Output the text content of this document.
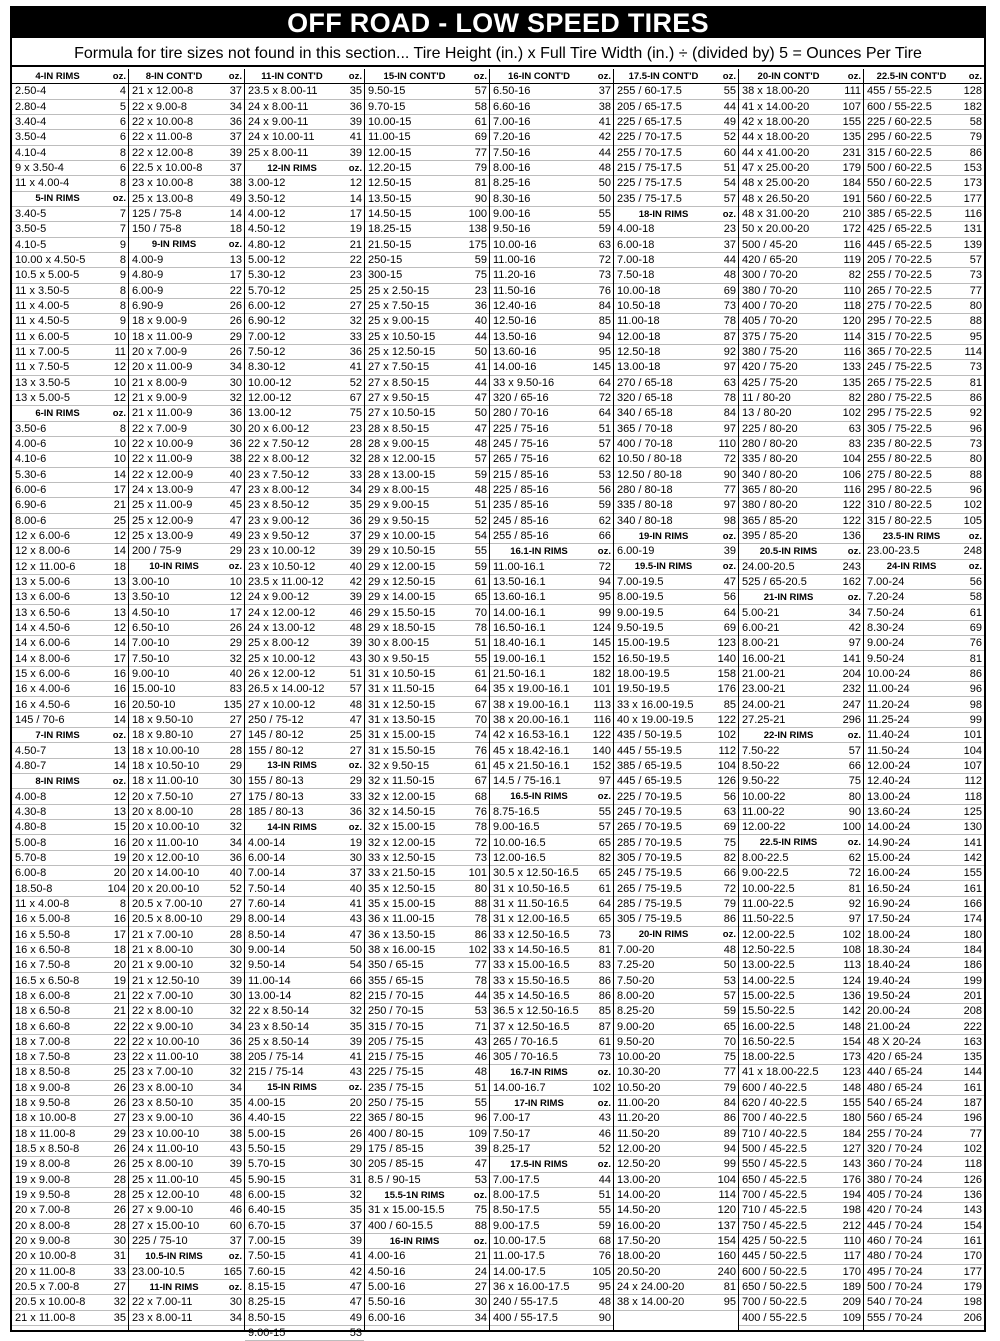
OFF ROAD - LOW SPEED TIRES
Formula for tire sizes not found in this section... Tire Height (in.) x Full Tire Width (in.) ÷ (divided by) 5 = Ounces Per Tire
4-IN RIMS	oz.
2.50-4	4
2.80-4	5
3.40-4	6
3.50-4	6
4.10-4	8
9 x 3.50-4	6
11 x 4.00-4	8
5-IN RIMS	oz.
3.40-5	7
3.50-5	7
4.10-5	9
10.00 x 4.50-5	8
10.5 x 5.00-5	9
11 x 3.50-5	8
11 x 4.00-5	8
11 x 4.50-5	9
11 x 6.00-5	10
11 x 7.00-5	11
11 x 7.50-5	12
13 x 3.50-5	10
13 x 5.00-5	12
6-IN RIMS	oz.
3.50-6	8
4.00-6	10
4.10-6	10
5.30-6	14
6.00-6	17
6.90-6	21
8.00-6	25
12 x 6.00-6	12
12 x 8.00-6	14
12 x 11.00-6	18
13 x 5.00-6	13
13 x 6.00-6	13
13 x 6.50-6	13
14 x 4.50-6	12
14 x 6.00-6	14
14 x 8.00-6	17
15 x 6.00-6	16
16 x 4.00-6	16
16 x 4.50-6	16
145 / 70-6	14
7-IN RIMS	oz.
4.50-7	13
4.80-7	14
8-IN RIMS	oz.
4.00-8	12
4.30-8	13
4.80-8	15
5.00-8	16
5.70-8	19
6.00-8	20
18.50-8	104
11 x 4.00-8	8
16 x 5.00-8	16
16 x 5.50-8	17
16 x 6.50-8	18
16 x 7.50-8	20
16.5 x 6.50-8	19
18 x 6.00-8	21
18 x 6.50-8	21
18 x 6.60-8	22
18 x 7.00-8	22
18 x 7.50-8	23
18 x 8.50-8	25
18 x 9.00-8	26
18 x 9.50-8	26
18 x 10.00-8	27
18 x 11.00-8	29
18.5 x 8.50-8	26
19 x 8.00-8	26
19 x 9.00-8	28
19 x 9.50-8	28
20 x 7.00-8	26
20 x 8.00-8	28
20 x 9.00-8	30
20 x 10.00-8	31
20 x 11.00-8	33
20.5 x 7.00-8	27
20.5 x 10.00-8	32
21 x 11.00-8	35
8-IN CONT'D	oz.
21 x 12.00-8	37
22 x 9.00-8	34
22 x 10.00-8	36
22 x 11.00-8	37
22 x 12.00-8	39
22.5 x 10.00-8	37
23 x 10.00-8	38
25 x 13.00-8	49
125 / 75-8	14
150 / 75-8	18
9-IN RIMS	oz.
4.00-9	13
4.80-9	17
6.00-9	22
6.90-9	26
18 x 9.00-9	26
18 x 11.00-9	29
20 x 7.00-9	26
20 x 11.00-9	34
21 x 8.00-9	30
21 x 9.00-9	32
21 x 11.00-9	36
22 x 7.00-9	30
22 x 10.00-9	36
22 x 11.00-9	38
22 x 12.00-9	40
24 x 13.00-9	47
25 x 11.00-9	45
25 x 12.00-9	47
25 x 13.00-9	49
200 / 75-9	29
10-IN RIMS	oz.
3.00-10	10
3.50-10	12
4.50-10	17
6.50-10	26
7.00-10	29
7.50-10	32
9.00-10	40
15.00-10	83
20.50-10	135
18 x 9.50-10	27
18 x 9.80-10	27
18 x 10.00-10	28
18 x 10.50-10	29
18 x 11.00-10	30
20 x 7.50-10	27
20 x 8.00-10	28
20 x 10.00-10	32
20 x 11.00-10	34
20 x 12.00-10	36
20 x 14.00-10	40
20 x 20.00-10	52
20.5 x 7.00-10	27
20.5 x 8.00-10	29
21 x 7.00-10	28
21 x 8.00-10	30
21 x 9.00-10	32
21 x 12.50-10	39
22 x 7.00-10	30
22 x 8.00-10	32
22 x 9.00-10	34
22 x 10.00-10	36
22 x 11.00-10	38
23 x 7.00-10	32
23 x 8.00-10	34
23 x 8.50-10	35
23 x 9.00-10	36
23 x 10.00-10	38
24 x 11.00-10	43
25 x 8.00-10	39
25 x 11.00-10	45
25 x 12.00-10	48
27 x 9.00-10	46
27 x 15.00-10	60
225 / 75-10	37
10.5-IN RIMS	oz.
23.00-10.5	165
11-IN RIMS	oz.
22 x 7.00-11	30
23 x 8.00-11	34
11-IN CONT'D	oz.
23.5 x 8.00-11	35
24 x 8.00-11	36
24 x 9.00-11	39
24 x 10.00-11	41
25 x 8.00-11	39
12-IN RIMS	oz.
3.00-12	12
3.50-12	14
4.00-12	17
4.50-12	19
4.80-12	21
5.00-12	22
5.30-12	23
5.70-12	25
6.00-12	27
6.90-12	32
7.00-12	33
7.50-12	36
8.30-12	41
10.00-12	52
12.00-12	67
13.00-12	75
20 x 6.00-12	23
22 x 7.50-12	28
22 x 8.00-12	32
23 x 7.50-12	33
23 x 8.00-12	34
23 x 8.50-12	35
23 x 9.00-12	36
23 x 9.50-12	37
23 x 10.00-12	39
23 x 10.50-12	40
23.5 x 11.00-12	42
24 x 9.00-12	39
24 x 12.00-12	46
24 x 13.00-12	48
25 x 8.00-12	39
25 x 10.00-12	43
26 x 12.00-12	51
26.5 x 14.00-12	57
27 x 10.00-12	48
250 / 75-12	47
145 / 80-12	25
155 / 80-12	27
13-IN RIMS	oz.
155 / 80-13	29
175 / 80-13	33
185 / 80-13	36
14-IN RIMS	oz.
4.00-14	19
6.00-14	30
7.00-14	37
7.50-14	40
7.60-14	41
8.00-14	43
8.50-14	47
9.00-14	50
9.50-14	54
11.00-14	66
13.00-14	82
22 x 8.50-14	32
23 x 8.50-14	35
25 x 8.50-14	39
205 / 75-14	41
215 / 75-14	43
15-IN RIMS	oz.
4.00-15	20
4.40-15	22
5.00-15	26
5.50-15	29
5.70-15	30
5.90-15	31
6.00-15	32
6.40-15	35
6.70-15	37
7.00-15	39
7.50-15	41
7.60-15	42
8.15-15	47
8.25-15	47
8.50-15	49
9.00-15	53
15-IN CONT'D	oz.
9.50-15	57
9.70-15	58
10.00-15	61
11.00-15	69
12.00-15	77
12.20-15	79
12.50-15	81
13.50-15	90
14.50-15	100
18.25-15	138
21.50-15	175
250-15	59
300-15	75
25 x 2.50-15	23
25 x 7.50-15	36
25 x 9.00-15	40
25 x 10.50-15	44
25 x 12.50-15	50
27 x 7.50-15	41
27 x 8.50-15	44
27 x 9.50-15	47
27 x 10.50-15	50
28 x 8.50-15	47
28 x 9.00-15	48
28 x 12.00-15	57
28 x 13.00-15	59
29 x 8.00-15	48
29 x 9.00-15	51
29 x 9.50-15	52
29 x 10.00-15	54
29 x 10.50-15	55
29 x 12.00-15	59
29 x 12.50-15	61
29 x 14.00-15	65
29 x 15.50-15	70
29 x 18.50-15	78
30 x 8.00-15	51
30 x 9.50-15	55
31 x 10.50-15	61
31 x 11.50-15	64
31 x 12.50-15	67
31 x 13.50-15	70
31 x 15.00-15	74
31 x 15.50-15	76
32 x 9.50-15	61
32 x 11.50-15	67
32 x 12.00-15	68
32 x 14.50-15	76
32 x 15.00-15	78
32 x 12.00-15	72
33 x 12.50-15	73
33 x 21.50-15	101
35 x 12.50-15	80
35 x 15.00-15	88
36 x 11.00-15	78
36 x 13.50-15	86
38 x 16.00-15	102
350 / 65-15	77
355 / 65-15	78
215 / 70-15	44
250 / 70-15	53
315 / 70-15	71
205 / 75-15	43
215 / 75-15	46
225 / 75-15	48
235 / 75-15	51
250 / 75-15	55
365 / 80-15	96
400 / 80-15	109
175 / 85-15	39
205 / 85-15	47
8.5 / 90-15	53
15.5-1N RIMS	oz.
31 x 15.00-15.5	75
400 / 60-15.5	88
16-IN RIMS	oz.
4.00-16	21
4.50-16	24
5.00-16	27
5.50-16	30
6.00-16	34
16-IN CONT'D	oz.
6.50-16	37
6.60-16	38
7.00-16	41
7.20-16	42
7.50-16	44
8.00-16	48
8.25-16	50
8.30-16	50
9.00-16	55
9.50-16	59
10.00-16	63
11.00-16	72
11.20-16	73
11.50-16	76
12.40-16	84
12.50-16	85
13.50-16	94
13.60-16	95
14.00-16	145
33 x 9.50-16	64
320 / 65-16	72
280 / 70-16	64
225 / 75-16	51
245 / 75-16	57
265 / 75-16	62
215 / 85-16	53
225 / 85-16	56
235 / 85-16	59
245 / 85-16	62
255 / 85-16	66
16.1-IN RIMS	oz.
11.00-16.1	72
13.50-16.1	94
13.60-16.1	95
14.00-16.1	99
16.50-16.1	124
18.40-16.1	145
19.00-16.1	152
21.50-16.1	182
35 x 19.00-16.1	101
38 x 19.00-16.1	113
38 x 20.00-16.1	116
42 x 16.53-16.1	122
45 x 18.42-16.1	140
45 x 21.50-16.1	152
14.5 / 75-16.1	97
16.5-IN RIMS	oz.
8.75-16.5	55
9.00-16.5	57
10.00-16.5	65
12.00-16.5	82
30.5 x 12.50-16.5	65
31 x 10.50-16.5	61
31 x 11.50-16.5	64
31 x 12.00-16.5	65
33 x 12.50-16.5	73
33 x 14.50-16.5	81
33 x 15.00-16.5	83
33 x 15.50-16.5	86
35 x 14.50-16.5	86
36.5 x 12.50-16.5	85
37 x 12.50-16.5	87
265 / 70-16.5	61
305 / 70-16.5	73
16.7-IN RIMS	oz.
14.00-16.7	102
17-IN RIMS	oz.
7.00-17	43
7.50-17	46
8.25-17	52
17.5-IN RIMS	oz.
7.00-17.5	44
8.00-17.5	51
8.50-17.5	55
9.00-17.5	59
10.00-17.5	68
11.00-17.5	76
14.00-17.5	105
36 x 16.00-17.5	95
240 / 55-17.5	48
400 / 55-17.5	90
17.5-IN CONT'D	oz.
255 / 60-17.5	55
205 / 65-17.5	44
225 / 65-17.5	49
225 / 70-17.5	52
255 / 70-17.5	60
215 / 75-17.5	51
225 / 75-17.5	54
235 / 75-17.5	57
18-IN RIMS	oz.
4.00-18	23
6.00-18	37
7.00-18	44
7.50-18	48
10.00-18	69
10.50-18	73
11.00-18	78
12.00-18	87
12.50-18	92
13.00-18	97
270 / 65-18	63
320 / 65-18	78
340 / 65-18	84
365 / 70-18	97
400 / 70-18	110
10.50 / 80-18	72
12.50 / 80-18	90
280 / 80-18	77
335 / 80-18	97
340 / 80-18	98
19-IN RIMS	oz.
6.00-19	39
19.5-IN RIMS	oz.
7.00-19.5	47
8.00-19.5	56
9.00-19.5	64
9.50-19.5	69
15.00-19.5	123
16.50-19.5	140
18.00-19.5	158
19.50-19.5	176
33 x 16.00-19.5	85
40 x 19.00-19.5	122
435 / 50-19.5	102
445 / 55-19.5	112
385 / 65-19.5	104
445 / 65-19.5	126
225 / 70-19.5	56
245 / 70-19.5	63
265 / 70-19.5	69
285 / 70-19.5	75
305 / 70-19.5	82
245 / 75-19.5	66
265 / 75-19.5	72
285 / 75-19.5	79
305 / 75-19.5	86
20-IN RIMS	oz.
7.00-20	48
7.25-20	50
7.50-20	53
8.00-20	57
8.25-20	59
9.00-20	65
9.50-20	70
10.00-20	75
10.30-20	77
10.50-20	79
11.00-20	84
11.20-20	86
11.50-20	89
12.00-20	94
12.50-20	99
13.00-20	104
14.00-20	114
14.50-20	120
16.00-20	137
17.50-20	154
18.00-20	160
20.50-20	240
24 x 24.00-20	81
38 x 14.00-20	95
20-IN CONT'D	oz.
38 x 18.00-20	111
41 x 14.00-20	107
42 x 18.00-20	155
44 x 18.00-20	135
44 x 41.00-20	231
47 x 25.00-20	179
48 x 25.00-20	184
48 x 26.50-20	191
48 x 31.00-20	210
50 x 20.00-20	172
500 / 45-20	116
420 / 65-20	119
300 / 70-20	82
380 / 70-20	110
400 / 70-20	118
405 / 70-20	120
375 / 75-20	114
380 / 75-20	116
420 / 75-20	133
425 / 75-20	135
11 / 80-20	82
13 / 80-20	102
225 / 80-20	63
280 / 80-20	83
335 / 80-20	104
340 / 80-20	106
365 / 80-20	116
380 / 80-20	122
365 / 85-20	122
395 / 85-20	136
20.5-IN RIMS	oz.
24.00-20.5	243
525 / 65-20.5	162
21-IN RIMS	oz.
5.00-21	34
6.00-21	42
8.00-21	97
16.00-21	141
21.00-21	204
23.00-21	232
24.00-21	247
27.25-21	296
22-IN RIMS	oz.
7.50-22	57
8.50-22	66
9.50-22	75
10.00-22	80
11.00-22	90
12.00-22	100
22.5-IN RIMS	oz.
8.00-22.5	62
9.00-22.5	72
10.00-22.5	81
11.00-22.5	92
11.50-22.5	97
12.00-22.5	102
12.50-22.5	108
13.00-22.5	113
14.00-22.5	124
15.00-22.5	136
15.50-22.5	142
16.00-22.5	148
16.50-22.5	154
18.00-22.5	173
41 x 18.00-22.5	123
600 / 40-22.5	148
620 / 40-22.5	155
700 / 40-22.5	180
710 / 40-22.5	184
500 / 45-22.5	127
550 / 45-22.5	143
650 / 45-22.5	176
700 / 45-22.5	194
710 / 45-22.5	198
750 / 45-22.5	212
425 / 50-22.5	110
445 / 50-22.5	117
600 / 50-22.5	170
650 / 50-22.5	189
700 / 50-22.5	209
400 / 55-22.5	109
22.5-IN CONT'D	oz.
455 / 55-22.5	128
600 / 55-22.5	182
225 / 60-22.5	58
295 / 60-22.5	79
315 / 60-22.5	86
500 / 60-22.5	153
550 / 60-22.5	173
560 / 60-22.5	177
385 / 65-22.5	116
425 / 65-22.5	131
445 / 65-22.5	139
205 / 70-22.5	57
255 / 70-22.5	73
265 / 70-22.5	77
275 / 70-22.5	80
295 / 70-22.5	88
315 / 70-22.5	95
365 / 70-22.5	114
245 / 75-22.5	73
265 / 75-22.5	81
280 / 75-22.5	86
295 / 75-22.5	92
305 / 75-22.5	96
235 / 80-22.5	73
255 / 80-22.5	80
275 / 80-22.5	88
295 / 80-22.5	96
310 / 80-22.5	102
315 / 80-22.5	105
23.5-IN RIMS	oz.
23.00-23.5	248
24-IN RIMS	oz.
7.00-24	56
7.20-24	58
7.50-24	61
8.30-24	69
9.00-24	76
9.50-24	81
10.00-24	86
11.00-24	96
11.20-24	98
11.25-24	99
11.40-24	101
11.50-24	104
12.00-24	107
12.40-24	112
13.00-24	118
13.60-24	125
14.00-24	130
14.90-24	141
15.00-24	142
16.00-24	155
16.50-24	161
16.90-24	166
17.50-24	174
18.00-24	180
18.30-24	184
18.40-24	186
19.40-24	199
19.50-24	201
20.00-24	208
21.00-24	222
48 X 20-24	163
420 / 65-24	135
440 / 65-24	144
480 / 65-24	161
540 / 65-24	187
560 / 65-24	196
255 / 70-24	77
320 / 70-24	102
360 / 70-24	118
380 / 70-24	126
405 / 70-24	136
420 / 70-24	143
445 / 70-24	154
460 / 70-24	161
480 / 70-24	170
495 / 70-24	177
500 / 70-24	179
540 / 70-24	198
555 / 70-24	206
